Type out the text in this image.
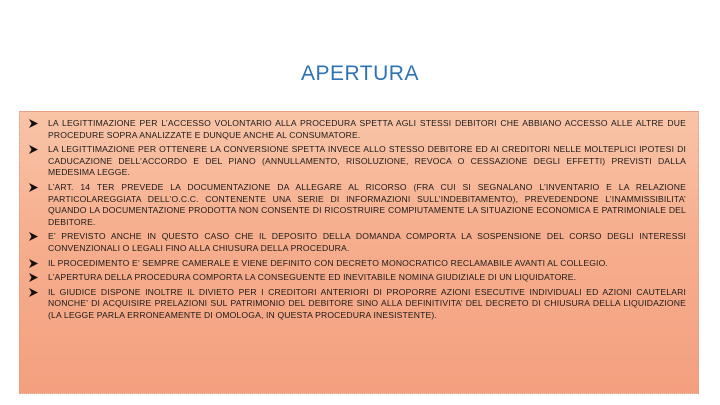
APERTURA
LA LEGITTIMAZIONE PER L’ACCESSO VOLONTARIO ALLA PROCEDURA SPETTA AGLI STESSI DEBITORI CHE ABBIANO ACCESSO ALLE ALTRE DUE PROCEDURE SOPRA ANALIZZATE E DUNQUE ANCHE AL CONSUMATORE.
LA LEGITTIMAZIONE PER OTTENERE LA CONVERSIONE SPETTA INVECE ALLO STESSO DEBITORE ED AI CREDITORI NELLE MOLTEPLICI IPOTESI DI CADUCAZIONE DELL’ACCORDO E DEL PIANO (ANNULLAMENTO, RISOLUZIONE, REVOCA O CESSAZIONE DEGLI EFFETTI) PREVISTI DALLA MEDESIMA LEGGE.
L’ART. 14 TER PREVEDE LA DOCUMENTAZIONE DA ALLEGARE AL RICORSO (FRA CUI SI SEGNALANO L’INVENTARIO E LA RELAZIONE PARTICOLAREGGIATA DELL’O.C.C. CONTENENTE UNA SERIE DI INFORMAZIONI SULL’INDEBITAMENTO), PREVEDENDONE L’INAMMISSIBILITA’ QUANDO LA DOCUMENTAZIONE PRODOTTA NON CONSENTE DI RICOSTRUIRE COMPIUTAMENTE LA SITUAZIONE ECONOMICA E PATRIMONIALE DEL DEBITORE.
E’ PREVISTO ANCHE IN QUESTO CASO CHE IL DEPOSITO DELLA DOMANDA COMPORTA LA SOSPENSIONE DEL CORSO DEGLI INTERESSI CONVENZIONALI O LEGALI FINO ALLA CHIUSURA DELLA PROCEDURA.
IL PROCEDIMENTO E’ SEMPRE CAMERALE E VIENE DEFINITO CON DECRETO MONOCRATICO RECLAMABILE AVANTI AL COLLEGIO.
L’APERTURA DELLA PROCEDURA COMPORTA LA CONSEGUENTE ED INEVITABILE NOMINA GIUDIZIALE DI UN LIQUIDATORE.
IL GIUDICE DISPONE INOLTRE IL DIVIETO PER I CREDITORI ANTERIORI DI PROPORRE AZIONI ESECUTIVE INDIVIDUALI ED AZIONI CAUTELARI NONCHE’ DI ACQUISIRE PRELAZIONI SUL PATRIMONIO DEL DEBITORE SINO ALLA DEFINITIVITA’ DEL DECRETO DI CHIUSURA DELLA LIQUIDAZIONE (LA LEGGE PARLA ERRONEAMENTE DI OMOLOGA, IN QUESTA PROCEDURA INESISTENTE).
